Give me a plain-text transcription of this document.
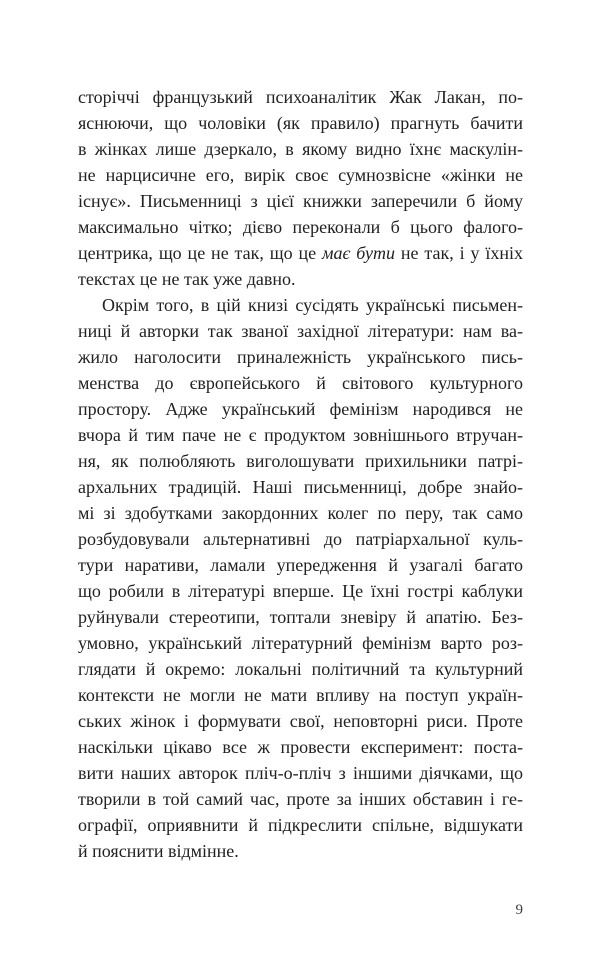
сторіччі французький психоаналітик Жак Лакан, по-
яснюючи, що чоловіки (як правило) прагнуть бачити
в жінках лише дзеркало, в якому видно їхнє маскулін-
не нарцисичне его, вирік своє сумнозвісне «жінки не
існує». Письменниці з цієї книжки заперечили б йому
максимально чітко; дієво переконали б цього фалого-
центрика, що це не так, що це має бути не так, і у їхніх
текстах це не так уже давно.
Окрім того, в цій книзі сусідять українські письмен-
ниці й авторки так званої західної літератури: нам ва-
жило наголосити приналежність українського пись-
менства до європейського й світового культурного
простору. Адже український фемінізм народився не
вчора й тим паче не є продуктом зовнішнього втручан-
ня, як полюбляють виголошувати прихильники патрі-
архальних традицій. Наші письменниці, добре знайо-
мі зі здобутками закордонних колег по перу, так само
розбудовували альтернативні до патріархальної куль-
тури наративи, ламали упередження й узагалі багато
що робили в літературі вперше. Це їхні гострі каблуки
руйнували стереотипи, топтали зневіру й апатію. Без-
умовно, український літературний фемінізм варто роз-
глядати й окремо: локальні політичний та культурний
контексти не могли не мати впливу на поступ україн-
ських жінок і формувати свої, неповторні риси. Проте
наскільки цікаво все ж провести експеримент: поста-
вити наших авторок пліч-о-пліч з іншими діячками, що
творили в той самий час, проте за інших обставин і ге-
ографії, оприявнити й підкреслити спільне, відшукати
й пояснити відмінне.
9
